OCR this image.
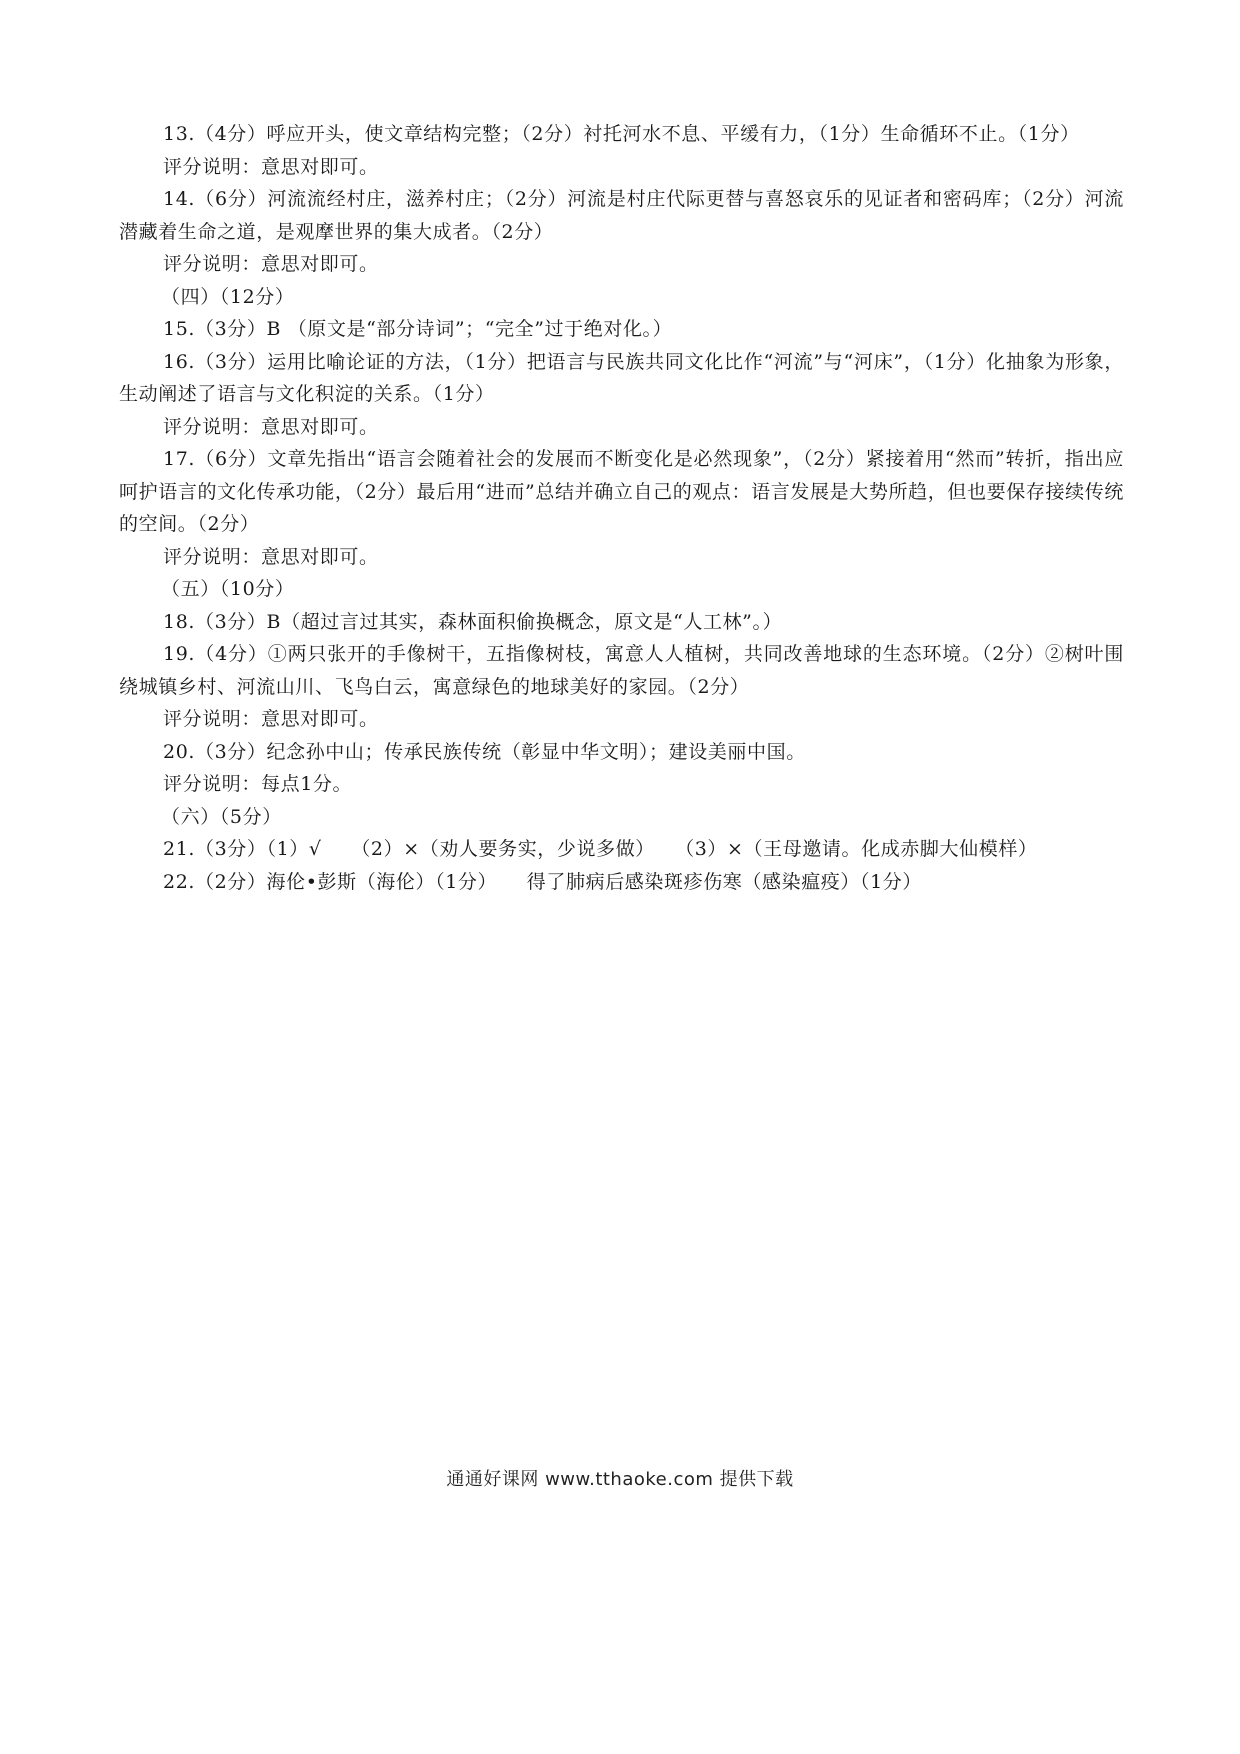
13.（4分）呼应开头，使文章结构完整；（2分）衬托河水不息、平缓有力，（1分）生命循环不止。（1分）

评分说明：意思对即可。

14.（6分）河流流经村庄，滋养村庄；（2分）河流是村庄代际更替与喜怒哀乐的见证者和密码库；（2分）河流潜藏着生命之道，是观摩世界的集大成者。（2分）

评分说明：意思对即可。

（四）（12分）

15.（3分）B （原文是“部分诗词”；“完全”过于绝对化。）

16.（3分）运用比喻论证的方法，（1分）把语言与民族共同文化比作“河流”与“河床”，（1分）化抽象为形象，生动阐述了语言与文化积淀的关系。（1分）

评分说明：意思对即可。

17.（6分）文章先指出“语言会随着社会的发展而不断变化是必然现象”，（2分）紧接着用“然而”转折，指出应呵护语言的文化传承功能，（2分）最后用“进而”总结并确立自己的观点：语言发展是大势所趋，但也要保存接续传统的空间。（2分）

评分说明：意思对即可。

（五）（10分）

18.（3分）B（超过言过其实，森林面积偷换概念，原文是“人工林”。）

19.（4分）①两只张开的手像树干，五指像树枝，寓意人人植树，共同改善地球的生态环境。（2分）②树叶围绕城镇乡村、河流山川、飞鸟白云，寓意绿色的地球美好的家园。（2分）

评分说明：意思对即可。

20.（3分）纪念孙中山；传承民族传统（彰显中华文明）；建设美丽中国。

评分说明：每点1分。

（六）（5分）

21.（3分）（1）√　　（2）×（劝人要务实，少说多做）　　（3）×（王母邀请。化成赤脚大仙模样）

22.（2分）海伦•彭斯（海伦）（1分）　　得了肺病后感染斑疹伤寒（感染瘟疫）（1分）

通通好课网 www.tthaoke.com 提供下载
